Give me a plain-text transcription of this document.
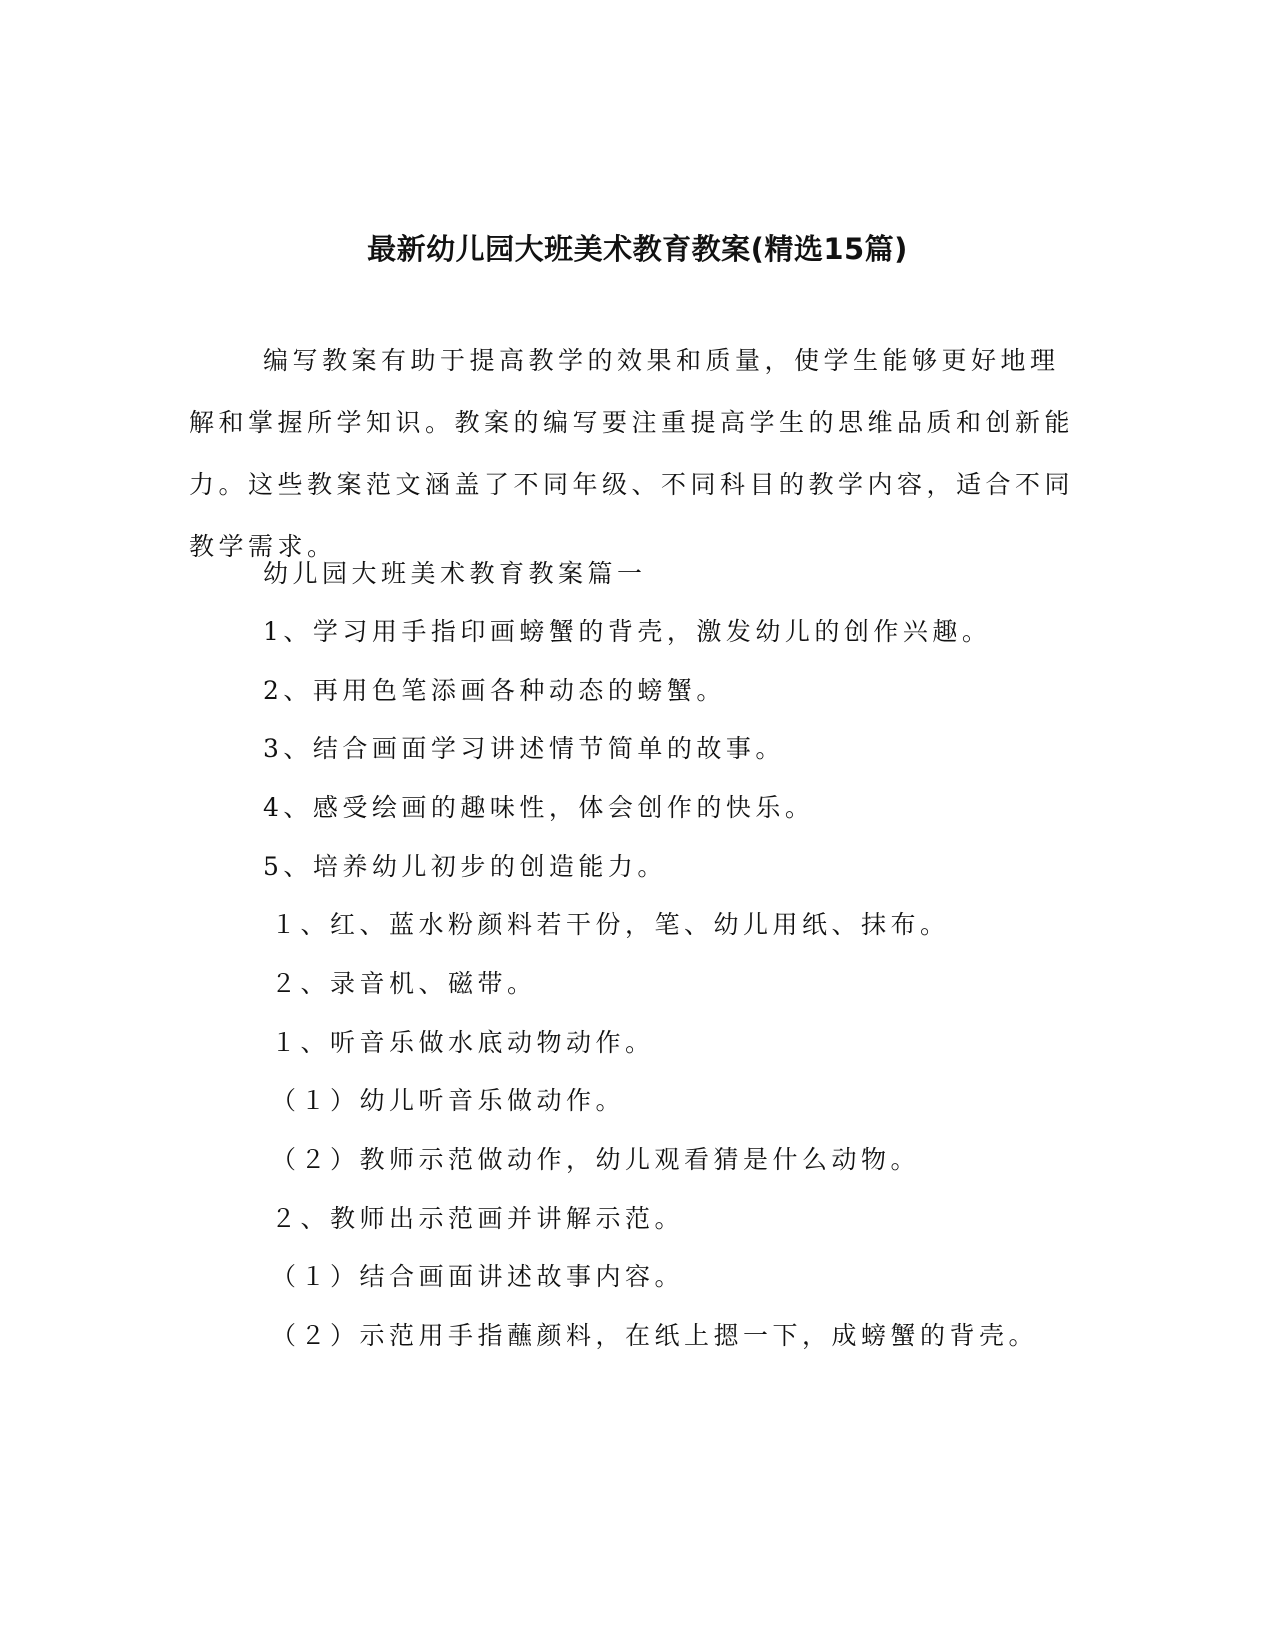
最新幼儿园大班美术教育教案(精选15篇)

编写教案有助于提高教学的效果和质量，使学生能够更好地理解和掌握所学知识。教案的编写要注重提高学生的思维品质和创新能力。这些教案范文涵盖了不同年级、不同科目的教学内容，适合不同教学需求。

幼儿园大班美术教育教案篇一

1、学习用手指印画螃蟹的背壳，激发幼儿的创作兴趣。

2、再用色笔添画各种动态的螃蟹。

3、结合画面学习讲述情节简单的故事。

4、感受绘画的趣味性，体会创作的快乐。

5、培养幼儿初步的创造能力。

１、红、蓝水粉颜料若干份，笔、幼儿用纸、抹布。

２、录音机、磁带。

１、听音乐做水底动物动作。

（１）幼儿听音乐做动作。

（２）教师示范做动作，幼儿观看猜是什么动物。

２、教师出示范画并讲解示范。

（１）结合画面讲述故事内容。

（２）示范用手指蘸颜料，在纸上摁一下，成螃蟹的背壳。
